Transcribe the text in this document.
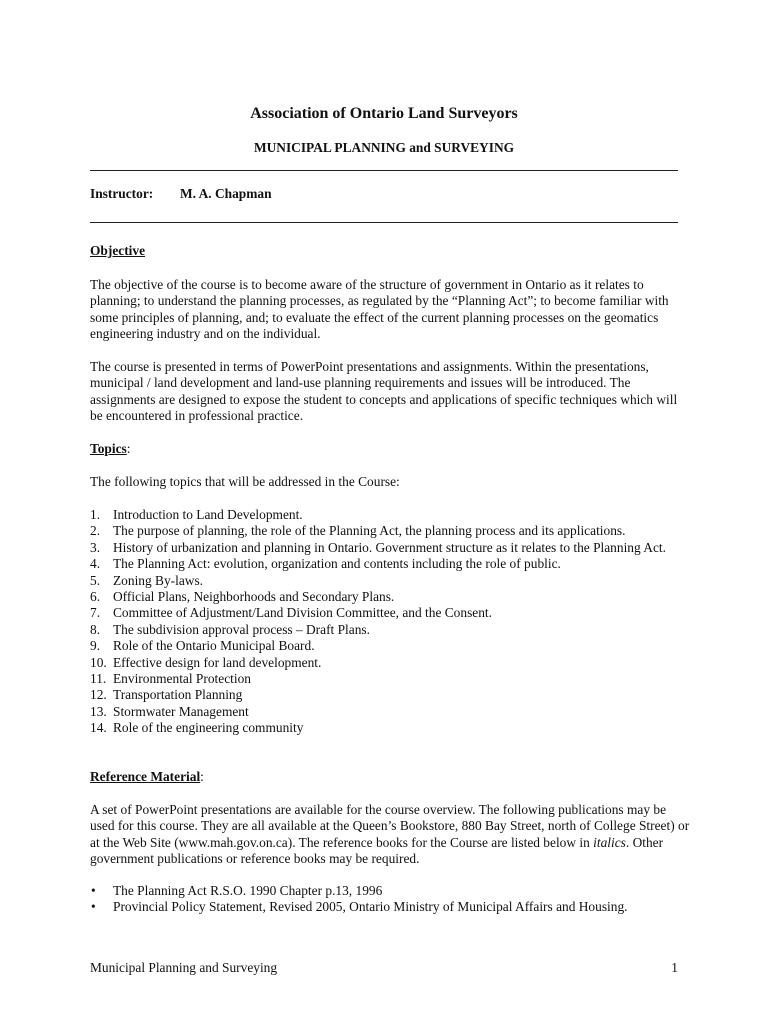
Association of Ontario Land Surveyors
MUNICIPAL PLANNING and SURVEYING
Instructor: M. A. Chapman
Objective

The objective of the course is to become aware of the structure of government in Ontario as it relates to planning; to understand the planning processes, as regulated by the “Planning Act”; to become familiar with some principles of planning, and; to evaluate the effect of the current planning processes on the geomatics engineering industry and on the individual.

The course is presented in terms of PowerPoint presentations and assignments. Within the presentations, municipal / land development and land-use planning requirements and issues will be introduced. The assignments are designed to expose the student to concepts and applications of specific techniques which will be encountered in professional practice.

Topics:

The following topics that will be addressed in the Course:

1. Introduction to Land Development.
2. The purpose of planning, the role of the Planning Act, the planning process and its applications.
3. History of urbanization and planning in Ontario. Government structure as it relates to the Planning Act.
4. The Planning Act: evolution, organization and contents including the role of public.
5. Zoning By-laws.
6. Official Plans, Neighborhoods and Secondary Plans.
7. Committee of Adjustment/Land Division Committee, and the Consent.
8. The subdivision approval process – Draft Plans.
9. Role of the Ontario Municipal Board.
10. Effective design for land development.
11. Environmental Protection
12. Transportation Planning
13. Stormwater Management
14. Role of the engineering community
Reference Material:

A set of PowerPoint presentations are available for the course overview. The following publications may be used for this course. They are all available at the Queen’s Bookstore, 880 Bay Street, north of College Street) or at the Web Site (www.mah.gov.on.ca). The reference books for the Course are listed below in italics. Other government publications or reference books may be required.

• The Planning Act R.S.O. 1990 Chapter p.13, 1996
• Provincial Policy Statement, Revised 2005, Ontario Ministry of Municipal Affairs and Housing.
Municipal Planning and Surveying	1
